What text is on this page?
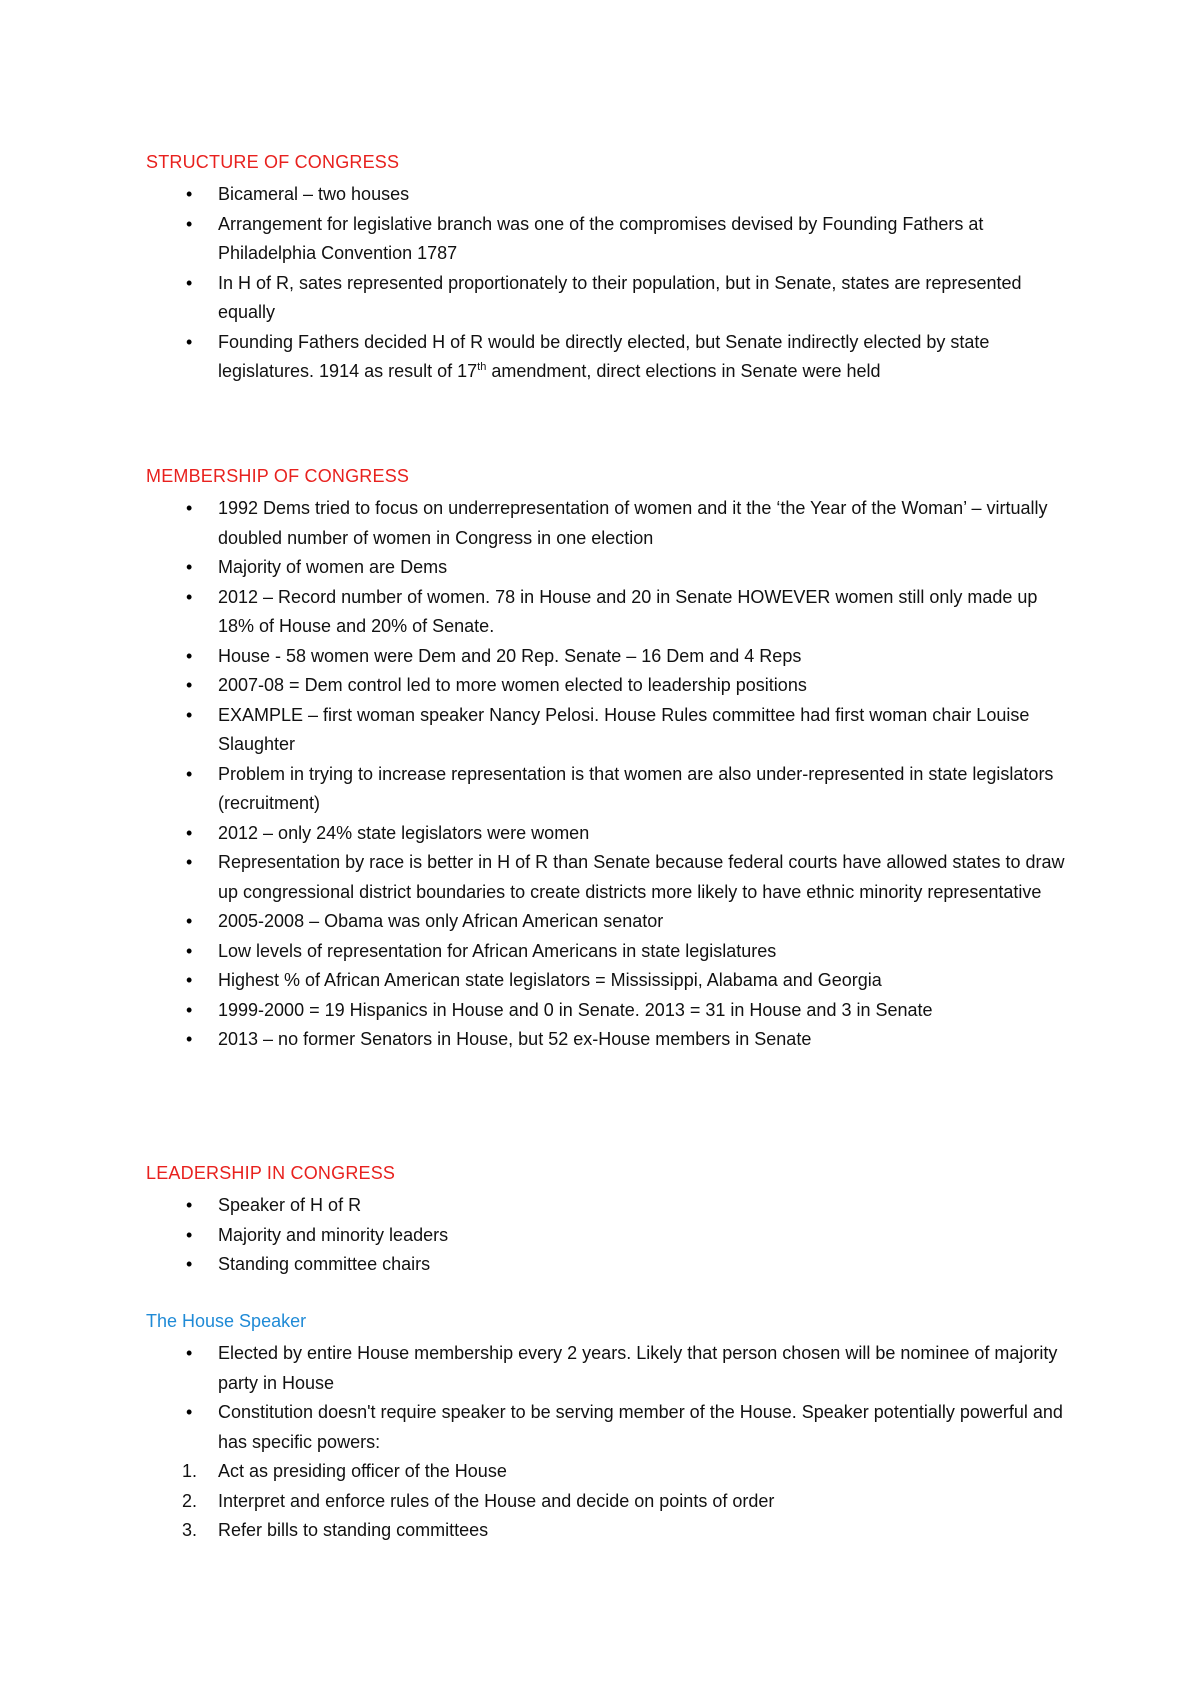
STRUCTURE OF CONGRESS
• Bicameral – two houses
• Arrangement for legislative branch was one of the compromises devised by Founding Fathers at Philadelphia Convention 1787
• In H of R, sates represented proportionately to their population, but in Senate, states are represented equally
• Founding Fathers decided H of R would be directly elected, but Senate indirectly elected by state legislatures. 1914 as result of 17th amendment, direct elections in Senate were held
MEMBERSHIP OF CONGRESS
• 1992 Dems tried to focus on underrepresentation of women and it the ‘the Year of the Woman’ – virtually doubled number of women in Congress in one election
• Majority of women are Dems
• 2012 – Record number of women. 78 in House and 20 in Senate HOWEVER women still only made up 18% of House and 20% of Senate.
• House - 58 women were Dem and 20 Rep. Senate – 16 Dem and 4 Reps
• 2007-08 = Dem control led to more women elected to leadership positions
• EXAMPLE – first woman speaker Nancy Pelosi. House Rules committee had first woman chair Louise Slaughter
• Problem in trying to increase representation is that women are also under-represented in state legislators (recruitment)
• 2012 – only 24% state legislators were women
• Representation by race is better in H of R than Senate because federal courts have allowed states to draw up congressional district boundaries to create districts more likely to have ethnic minority representative
• 2005-2008 – Obama was only African American senator
• Low levels of representation for African Americans in state legislatures
• Highest % of African American state legislators = Mississippi, Alabama and Georgia
• 1999-2000 = 19 Hispanics in House and 0 in Senate. 2013 = 31 in House and 3 in Senate
• 2013 – no former Senators in House, but 52 ex-House members in Senate
LEADERSHIP IN CONGRESS
• Speaker of H of R
• Majority and minority leaders
• Standing committee chairs
The House Speaker
• Elected by entire House membership every 2 years. Likely that person chosen will be nominee of majority party in House
• Constitution doesn't require speaker to be serving member of the House. Speaker potentially powerful and has specific powers:
1. Act as presiding officer of the House
2. Interpret and enforce rules of the House and decide on points of order
3. Refer bills to standing committees
